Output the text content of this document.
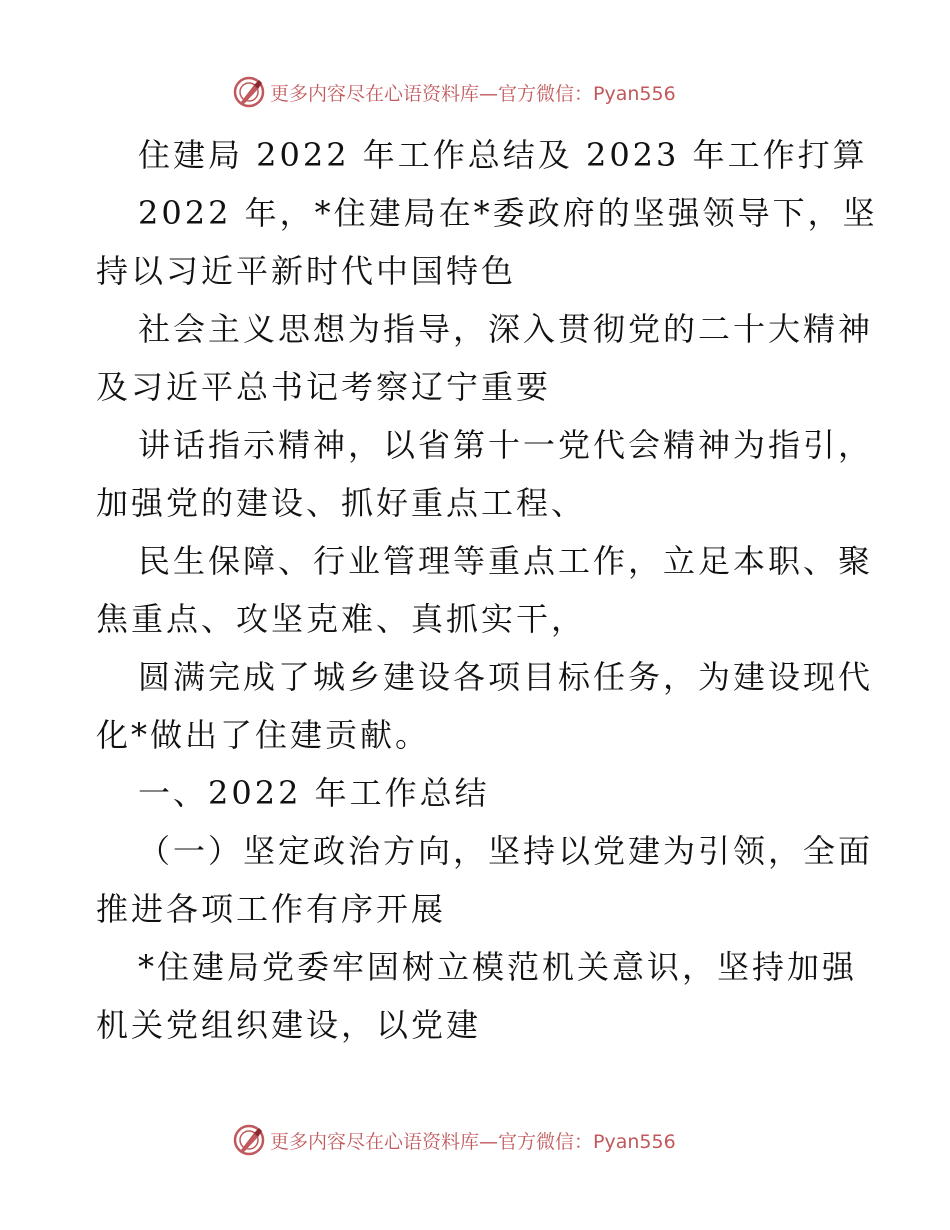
更多内容尽在心语资料库—官方微信：Pyan556

住建局 2022 年工作总结及 2023 年工作打算

2022 年，*住建局在*委政府的坚强领导下，坚

持以习近平新时代中国特色

社会主义思想为指导，深入贯彻党的二十大精神

及习近平总书记考察辽宁重要

讲话指示精神，以省第十一党代会精神为指引，

加强党的建设、抓好重点工程、

民生保障、行业管理等重点工作，立足本职、聚

焦重点、攻坚克难、真抓实干，

圆满完成了城乡建设各项目标任务，为建设现代

化*做出了住建贡献。

一、2022 年工作总结

（一）坚定政治方向，坚持以党建为引领，全面

推进各项工作有序开展

*住建局党委牢固树立模范机关意识，坚持加强

机关党组织建设，以党建

更多内容尽在心语资料库—官方微信：Pyan556
